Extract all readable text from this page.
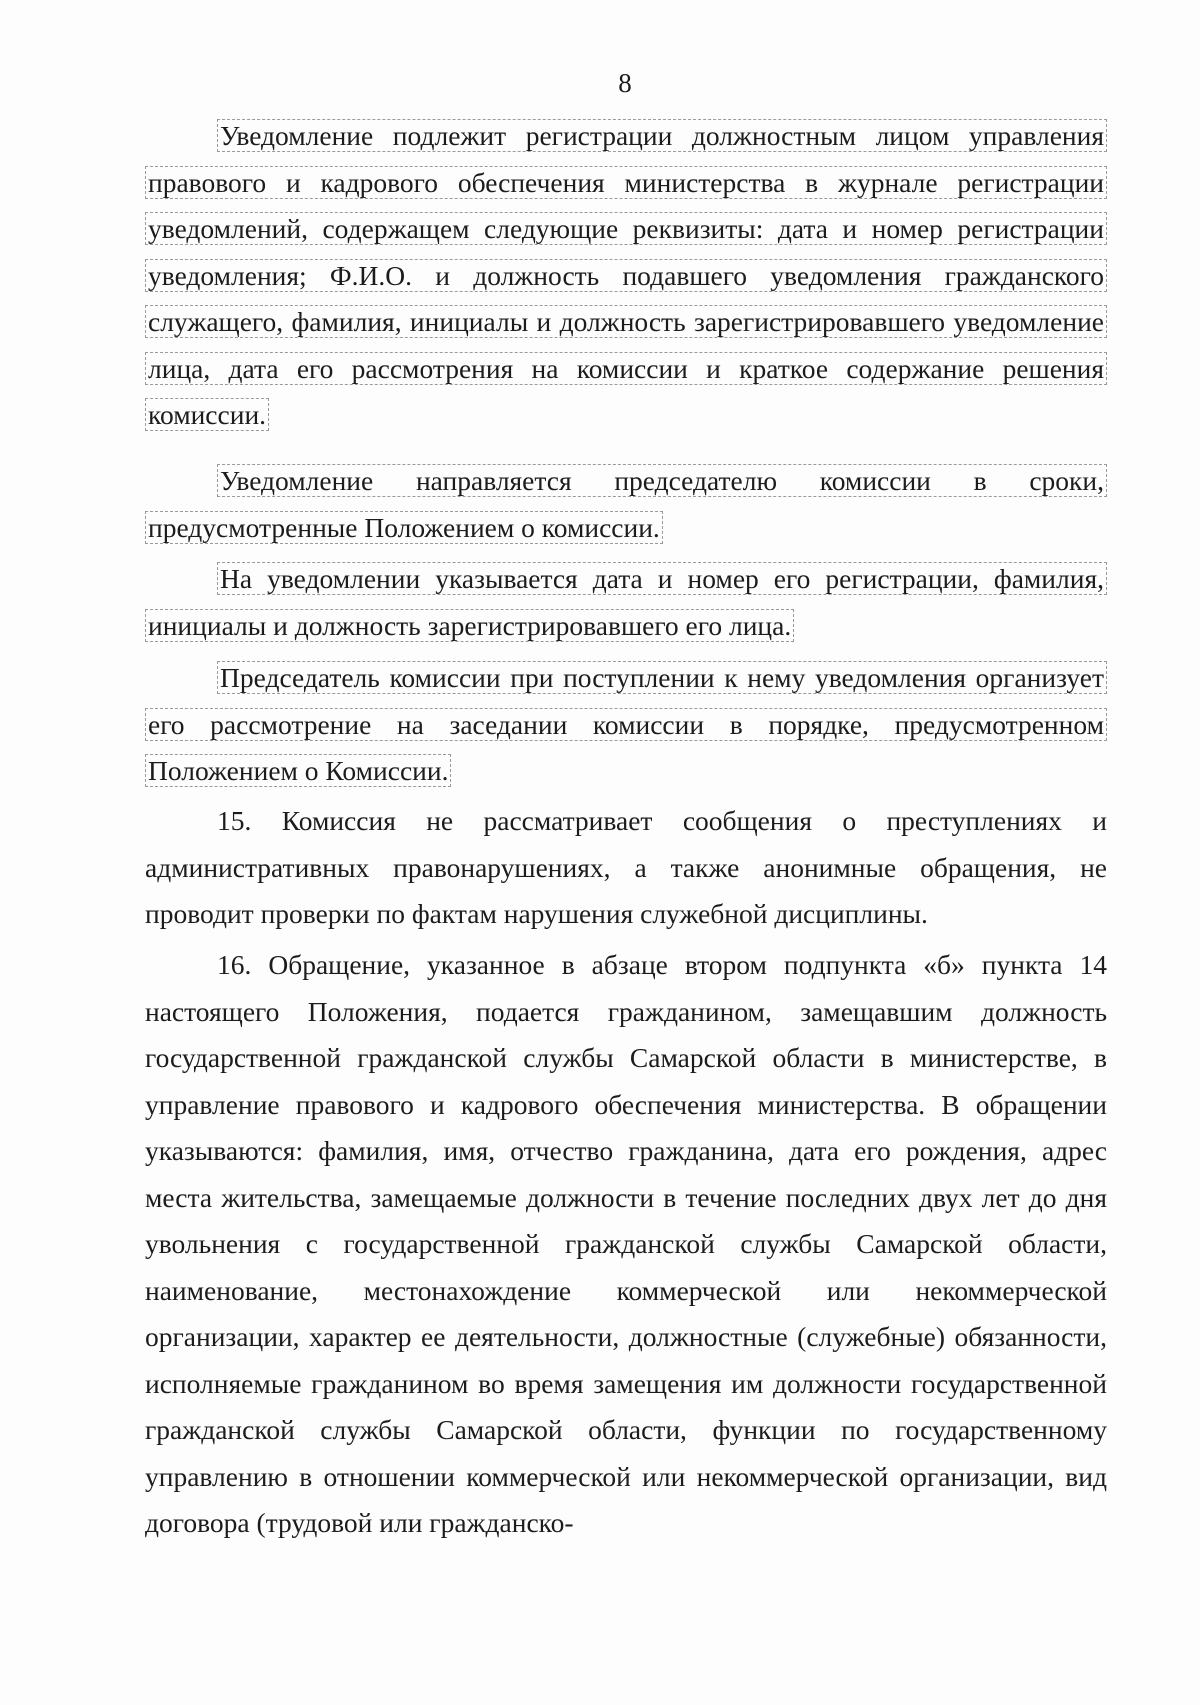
8

Уведомление подлежит регистрации должностным лицом управления правового и кадрового обеспечения министерства в журнале регистрации уведомлений, содержащем следующие реквизиты: дата и номер регистрации уведомления; Ф.И.О. и должность подавшего уведомления гражданского служащего, фамилия, инициалы и должность зарегистрировавшего уведомление лица, дата его рассмотрения на комиссии и краткое содержание решения комиссии.

Уведомление направляется председателю комиссии в сроки, предусмотренные Положением о комиссии.

На уведомлении указывается дата и номер его регистрации, фамилия, инициалы и должность зарегистрировавшего его лица.

Председатель комиссии при поступлении к нему уведомления организует его рассмотрение на заседании комиссии в порядке, предусмотренном Положением о Комиссии.

15. Комиссия не рассматривает сообщения о преступлениях и административных правонарушениях, а также анонимные обращения, не проводит проверки по фактам нарушения служебной дисциплины.

16. Обращение, указанное в абзаце втором подпункта «б» пункта 14 настоящего Положения, подается гражданином, замещавшим должность государственной гражданской службы Самарской области в министерстве, в управление правового и кадрового обеспечения министерства. В обращении указываются: фамилия, имя, отчество гражданина, дата его рождения, адрес места жительства, замещаемые должности в течение последних двух лет до дня увольнения с государственной гражданской службы Самарской области, наименование, местонахождение коммерческой или некоммерческой организации, характер ее деятельности, должностные (служебные) обязанности, исполняемые гражданином во время замещения им должности государственной гражданской службы Самарской области, функции по государственному управлению в отношении коммерческой или некоммерческой организации, вид договора (трудовой или гражданско-
